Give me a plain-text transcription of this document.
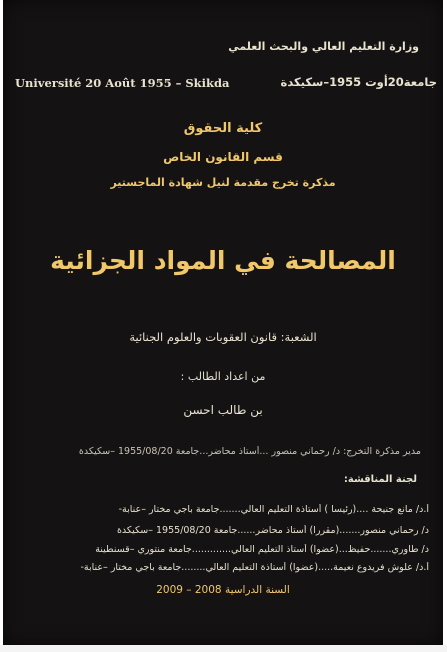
وزارة التعليم العالي والبحث العلمي
Université 20 Août 1955 – Skikda	جامعة20أوت 1955–سكيكدة
كلية الحقوق
قسم القانون الخاص
مذكرة تخرج مقدمة لنيل شهادة الماجستير
المصالحة في المواد الجزائية
الشعبة: قانون العقوبات والعلوم الجنائية
من اعداد الطالب :
بن طالب احسن
مدير مذكرة التخرج: د/ رحماني منصور ...أستاذ محاضر...جامعة 1955/08/20 –سكيكدة
لجنة المناقشة:
أ.د/ مانع جنيحة ....(رئيسا ) أستاذة التعليم العالي.......جامعة باجي مختار –عنابة-
د/ رحماني منصور.......(مقررا) أستاذ محاضر......جامعة 1955/08/20 –سكيكدة
د/ طاوري.......حفيظ...(عضوا) أستاذ التعليم العالي.............جامعة منتوري –قسنطينة
أ.د/ علوش فريدوع نعيمة.....(عضوا) أستاذة التعليم العالي........جامعة باجي مختار –عنابة-
السنة الدراسية 2008 – 2009
